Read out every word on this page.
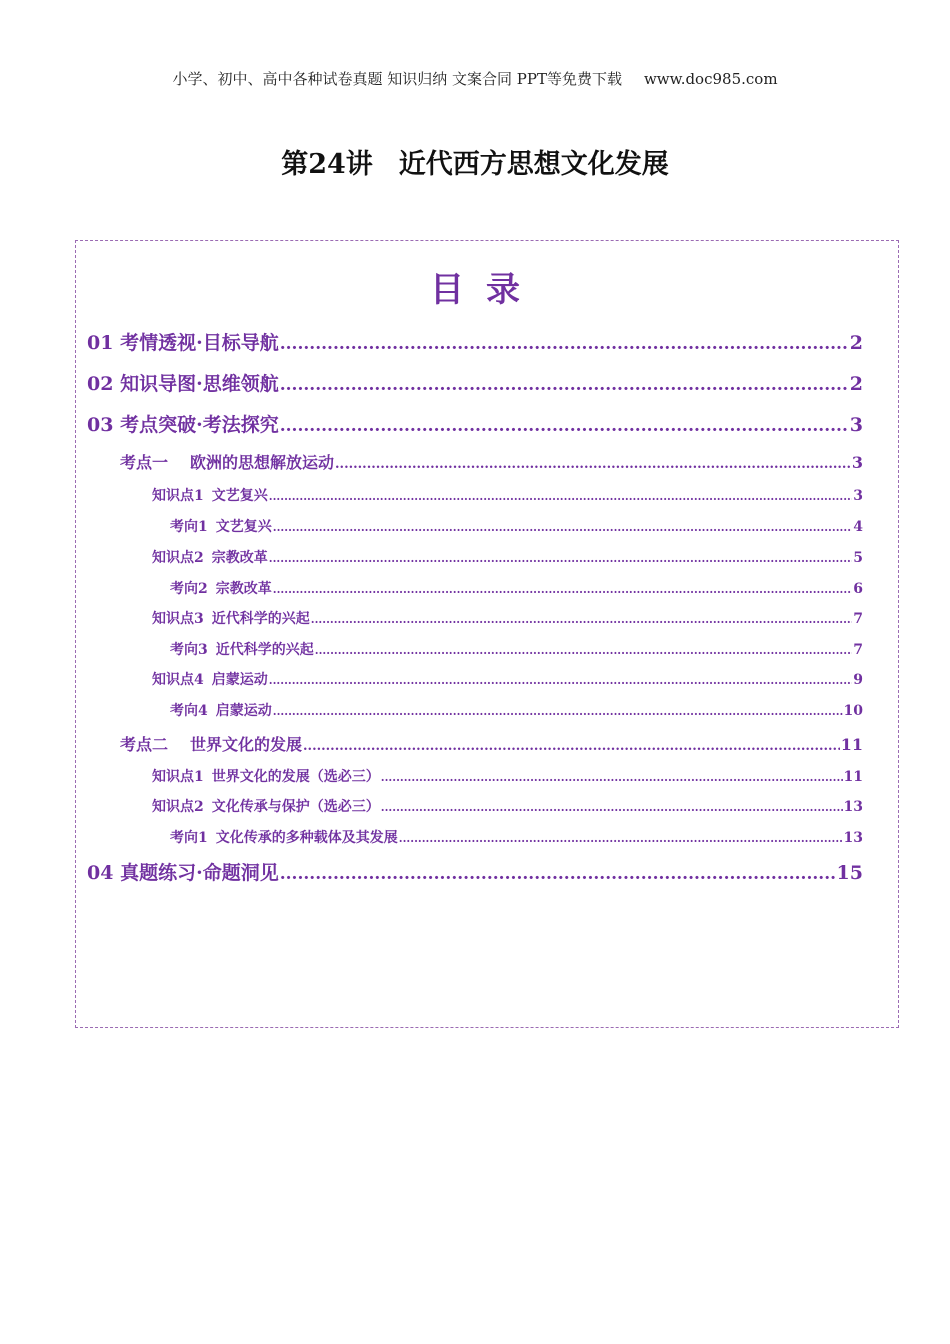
小学、初中、高中各种试卷真题 知识归纳 文案合同 PPT等免费下载 www.doc985.com
第24讲 近代西方思想文化发展
目录
01 考情透视·目标导航 .....	2
02 知识导图·思维领航 .....	2
03 考点突破·考法探究 .....	3
考点一 欧洲的思想解放运动 .....	3
知识点1 文艺复兴 .....	3
考向1 文艺复兴 .....	4
知识点2 宗教改革 .....	5
考向2 宗教改革 .....	6
知识点3 近代科学的兴起 .....	7
考向3 近代科学的兴起 .....	7
知识点4 启蒙运动 .....	9
考向4 启蒙运动 .....	10
考点二 世界文化的发展 .....	11
知识点1 世界文化的发展（选必三） .....	11
知识点2 文化传承与保护（选必三） .....	13
考向1 文化传承的多种载体及其发展 .....	13
04 真题练习·命题洞见 .....	15
